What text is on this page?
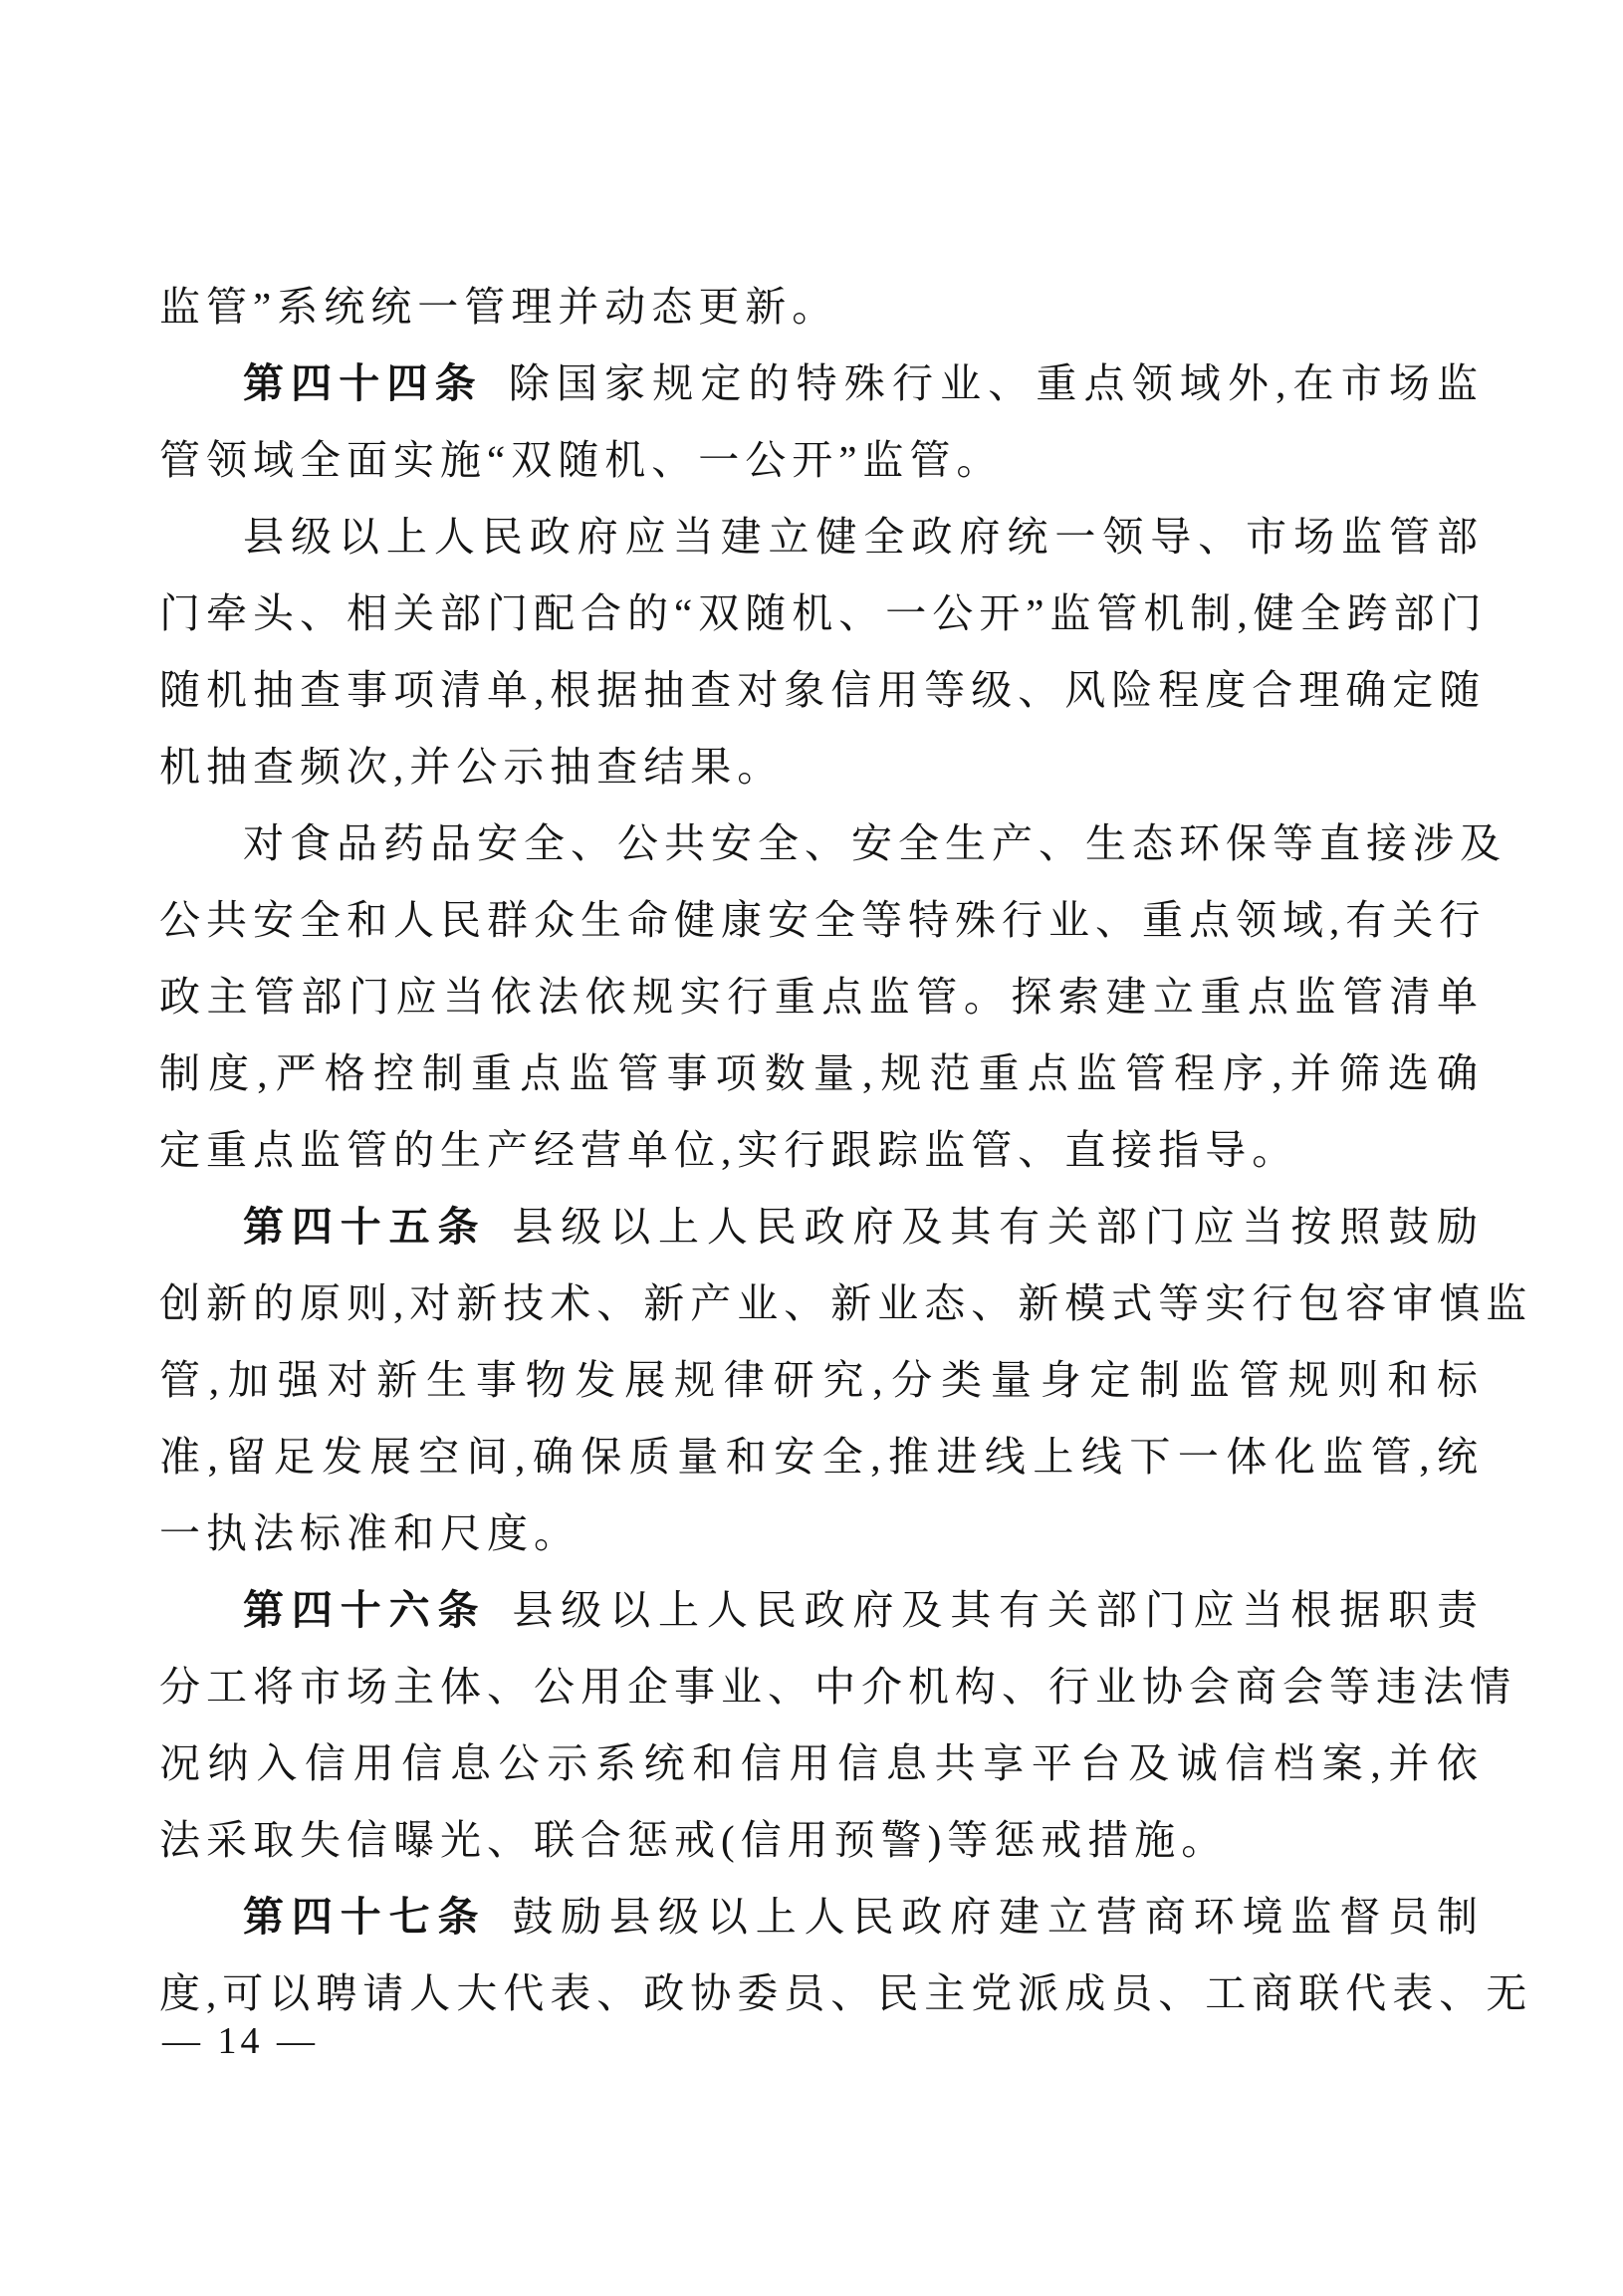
监管”系统统一管理并动态更新。

第四十四条 除国家规定的特殊行业、重点领域外,在市场监

管领域全面实施“双随机、一公开”监管。

县级以上人民政府应当建立健全政府统一领导、市场监管部

门牵头、相关部门配合的“双随机、一公开”监管机制,健全跨部门

随机抽查事项清单,根据抽查对象信用等级、风险程度合理确定随

机抽查频次,并公示抽查结果。

对食品药品安全、公共安全、安全生产、生态环保等直接涉及

公共安全和人民群众生命健康安全等特殊行业、重点领域,有关行

政主管部门应当依法依规实行重点监管。探索建立重点监管清单

制度,严格控制重点监管事项数量,规范重点监管程序,并筛选确

定重点监管的生产经营单位,实行跟踪监管、直接指导。

第四十五条 县级以上人民政府及其有关部门应当按照鼓励

创新的原则,对新技术、新产业、新业态、新模式等实行包容审慎监

管,加强对新生事物发展规律研究,分类量身定制监管规则和标

准,留足发展空间,确保质量和安全,推进线上线下一体化监管,统

一执法标准和尺度。

第四十六条 县级以上人民政府及其有关部门应当根据职责

分工将市场主体、公用企事业、中介机构、行业协会商会等违法情

况纳入信用信息公示系统和信用信息共享平台及诚信档案,并依

法采取失信曝光、联合惩戒(信用预警)等惩戒措施。

第四十七条 鼓励县级以上人民政府建立营商环境监督员制

度,可以聘请人大代表、政协委员、民主党派成员、工商联代表、无

— 14 —
